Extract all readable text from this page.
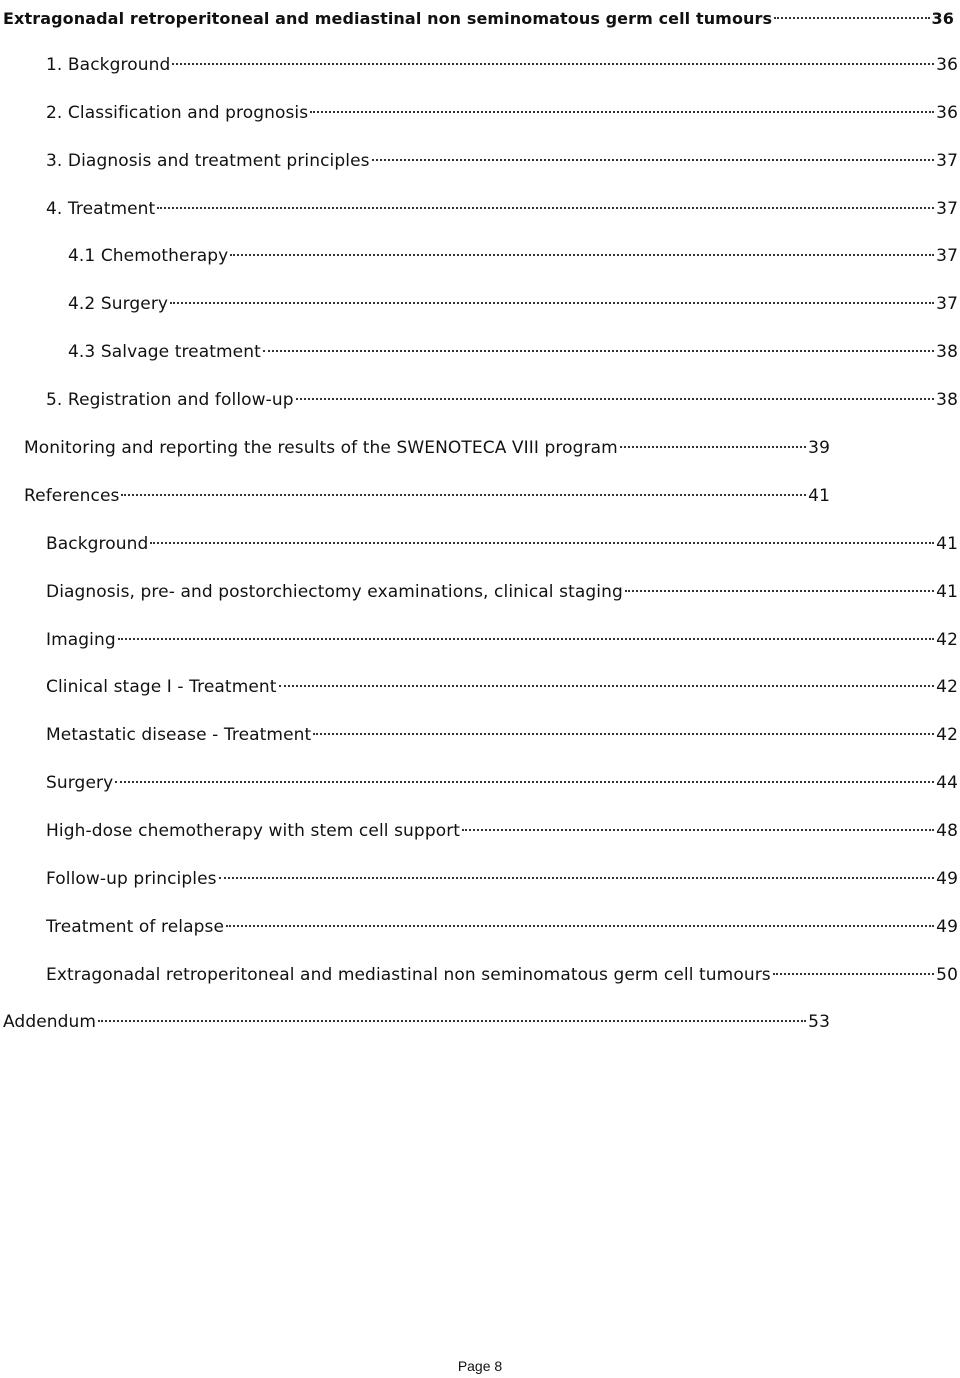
Extragonadal retroperitoneal and mediastinal non seminomatous germ cell tumours	36
1. Background	36
2. Classification and prognosis	36
3. Diagnosis and treatment principles	37
4. Treatment	37
4.1 Chemotherapy	37
4.2 Surgery	37
4.3 Salvage treatment	38
5. Registration and follow-up	38
Monitoring and reporting the results of the SWENOTECA VIII program	39
References	41
Background	41
Diagnosis, pre- and postorchiectomy examinations, clinical staging	41
Imaging	42
Clinical stage I - Treatment	42
Metastatic disease - Treatment	42
Surgery	44
High-dose chemotherapy with stem cell support	48
Follow-up principles	49
Treatment of relapse	49
Extragonadal retroperitoneal and mediastinal non seminomatous germ cell tumours	50
Addendum	53
Page 8
